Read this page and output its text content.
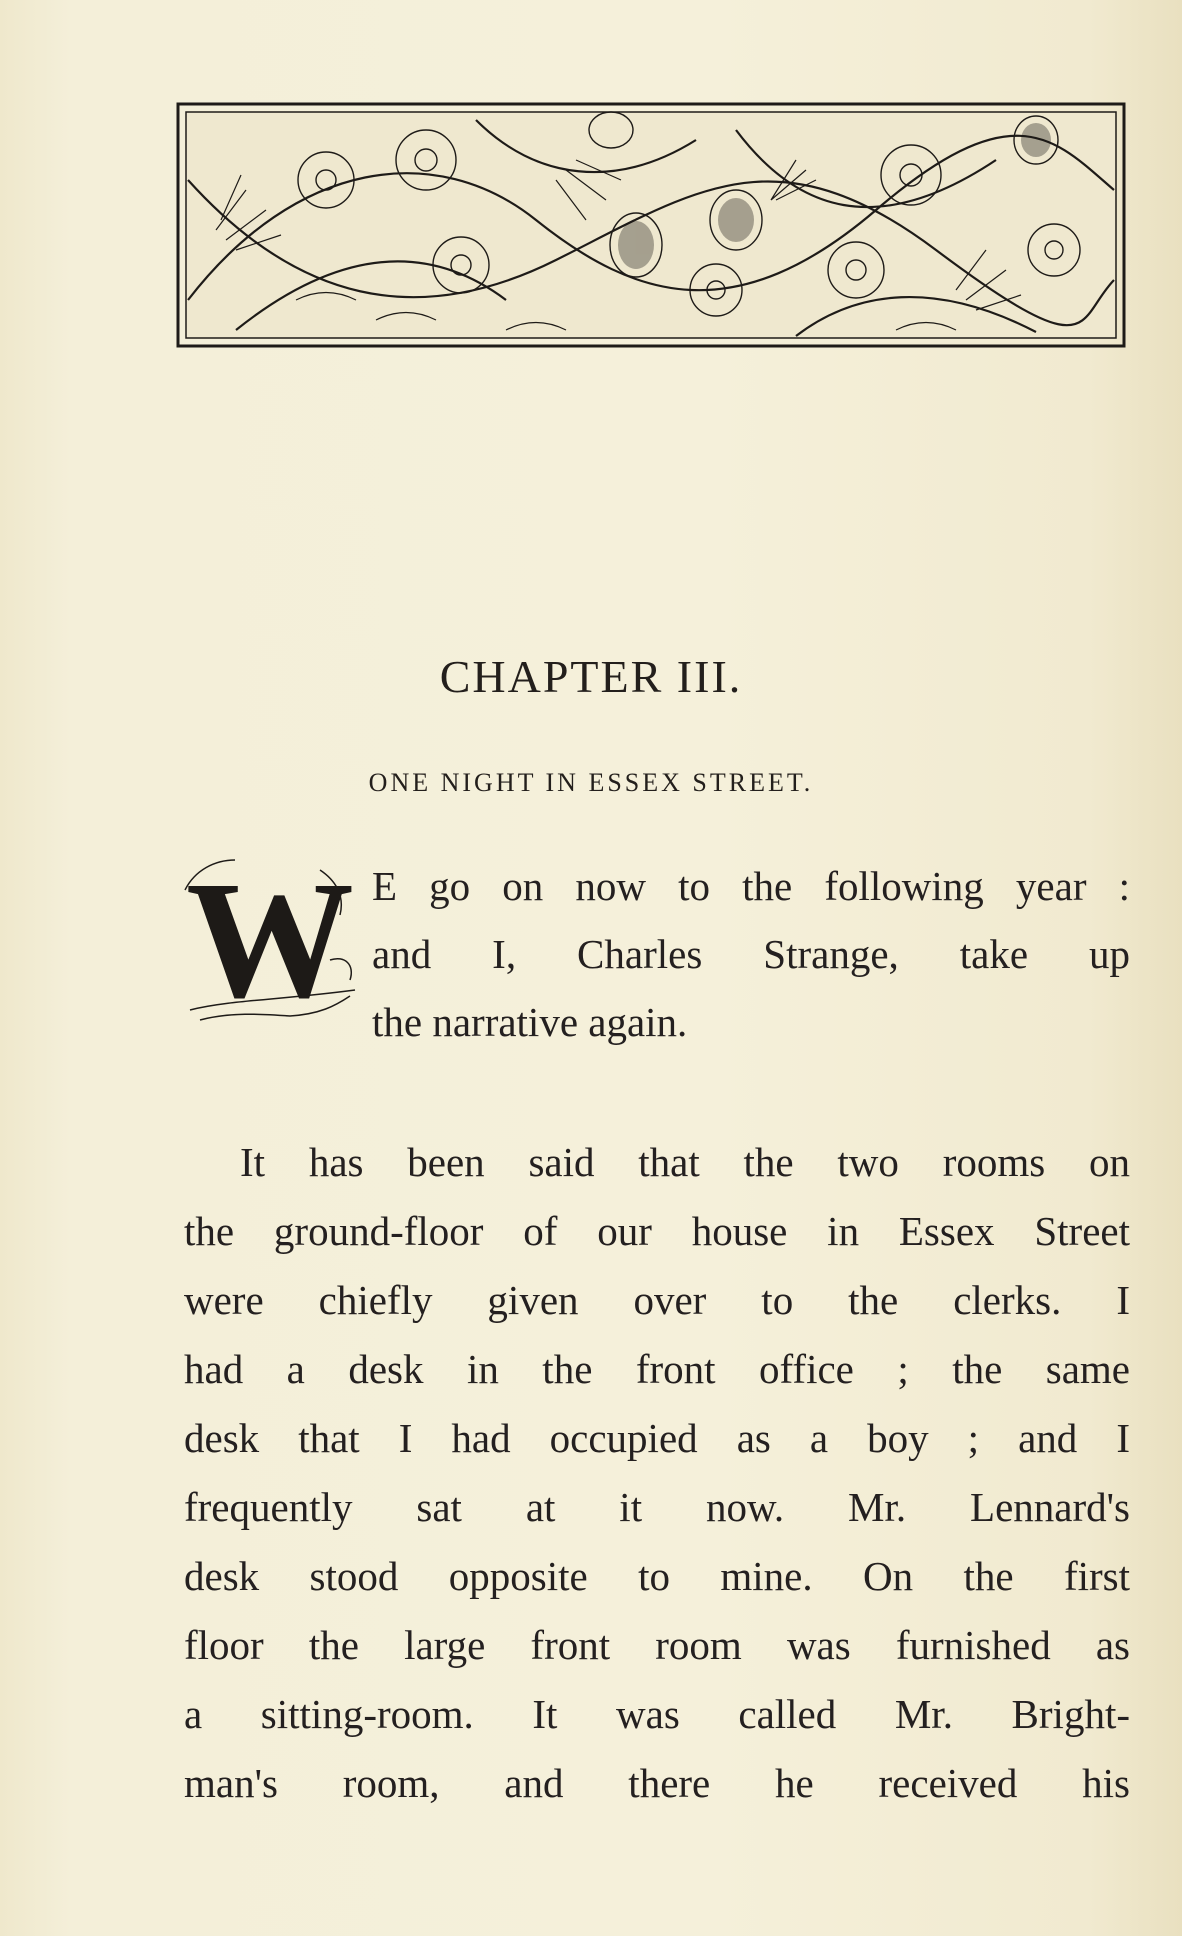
CHAPTER III.
ONE NIGHT IN ESSEX STREET.
W E go on now to the following year :
and I, Charles Strange, take up
the narrative again.
It has been said that the two rooms on
the ground-floor of our house in Essex Street
were chiefly given over to the clerks. I
had a desk in the front office ; the same
desk that I had occupied as a boy ; and I
frequently sat at it now. Mr. Lennard's
desk stood opposite to mine. On the first
floor the large front room was furnished as
a sitting-room. It was called Mr. Bright-
man's room, and there he received his
